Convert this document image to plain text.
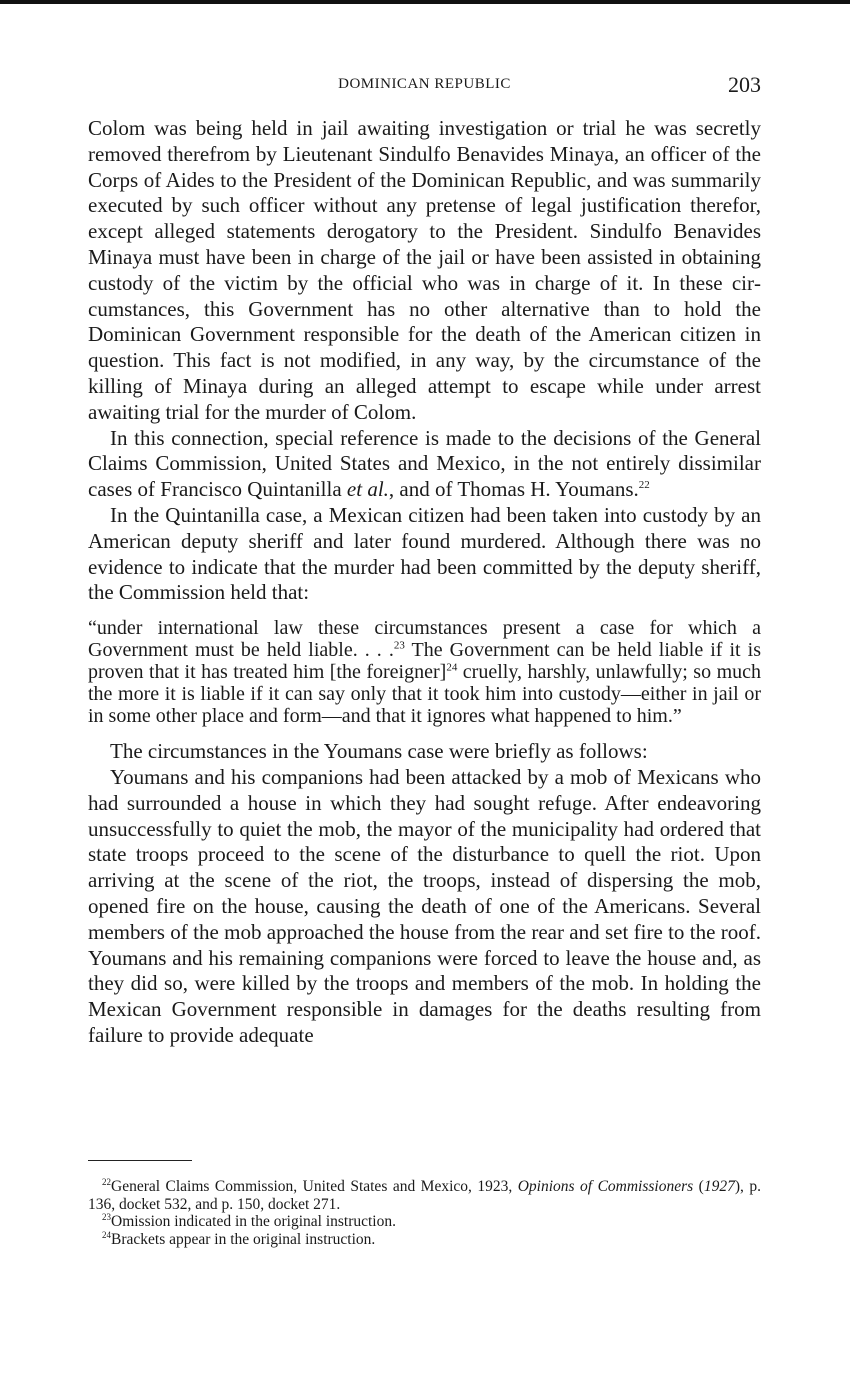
DOMINICAN REPUBLIC	203

Colom was being held in jail awaiting investigation or trial he was secretly removed therefrom by Lieutenant Sindulfo Benavides Minaya, an officer of the Corps of Aides to the President of the Dominican Republic, and was summarily executed by such officer without any pretense of legal justification therefor, except alleged statements derogatory to the President. Sindulfo Benavides Minaya must have been in charge of the jail or have been assisted in obtaining custody of the victim by the official who was in charge of it. In these circumstances, this Government has no other alternative than to hold the Dominican Government responsible for the death of the American citizen in question. This fact is not modified, in any way, by the circumstance of the killing of Minaya during an alleged attempt to escape while under arrest awaiting trial for the murder of Colom.

In this connection, special reference is made to the decisions of the General Claims Commission, United States and Mexico, in the not entirely dissimilar cases of Francisco Quintanilla et al., and of Thomas H. Youmans.$^{22}$

In the Quintanilla case, a Mexican citizen had been taken into custody by an American deputy sheriff and later found murdered. Although there was no evidence to indicate that the murder had been committed by the deputy sheriff, the Commission held that:

“under international law these circumstances present a case for which a Government must be held liable. . . .$^{23}$ The Government can be held liable if it is proven that it has treated him [the foreigner]$^{24}$ cruelly, harshly, unlawfully; so much the more it is liable if it can say only that it took him into custody—either in jail or in some other place and form—and that it ignores what happened to him.”

The circumstances in the Youmans case were briefly as follows:

Youmans and his companions had been attacked by a mob of Mexicans who had surrounded a house in which they had sought refuge. After endeavoring unsuccessfully to quiet the mob, the mayor of the municipality had ordered that state troops proceed to the scene of the disturbance to quell the riot. Upon arriving at the scene of the riot, the troops, instead of dispersing the mob, opened fire on the house, causing the death of one of the Americans. Several members of the mob approached the house from the rear and set fire to the roof. Youmans and his remaining companions were forced to leave the house and, as they did so, were killed by the troops and members of the mob. In holding the Mexican Government responsible in damages for the deaths resulting from failure to provide adequate

$^{22}$General Claims Commission, United States and Mexico, 1923, Opinions of Commissioners (1927), p. 136, docket 532, and p. 150, docket 271.

$^{23}$Omission indicated in the original instruction.

$^{24}$Brackets appear in the original instruction.
